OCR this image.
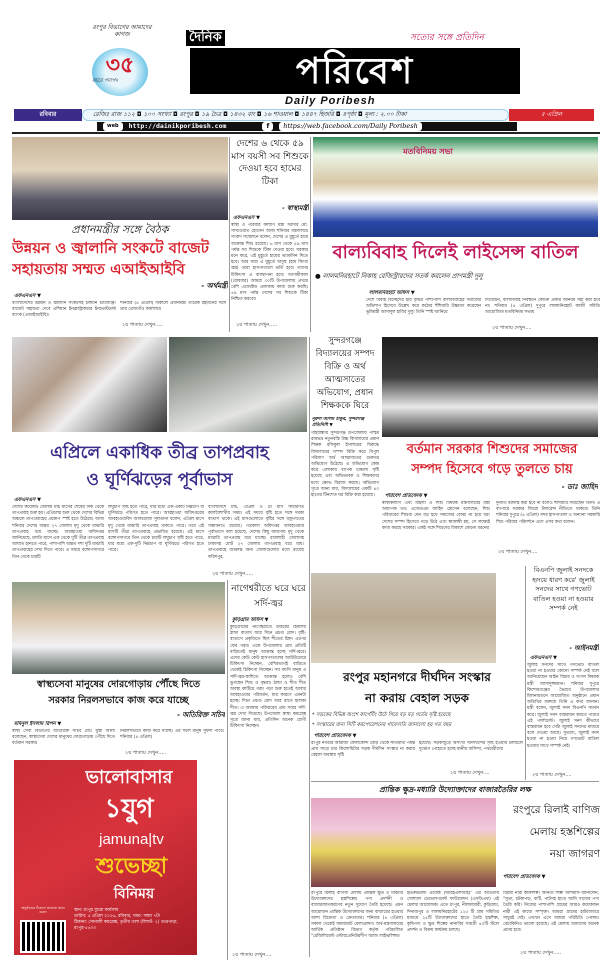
রংপুর বিভাগের আমাদের কাগজ
৩৫
বছরে পদার্পণ
দৈনিক
পরিবেশ
Daily Poribesh
সত্যের সঙ্গে প্রতিদিন
রবিবার	রেজিঃ রাজ ১১২ ◘ ১০০ সংখ্যা ◘ রংপুর ◘ ১৯ চৈত্র ◘ ১৪৩২ বাং ◘ ১৬ শাওয়াল ◘ ১৪৪৭ হিজরি ◘ ৪পৃষ্ঠা ◘ মূল্য : ২.০০ টাকা	৫ এপ্রিল
web	http://dainikporibesh.com	f	https://web.facebook.com/Daily Poribesh
প্রধানমন্ত্রীর সঙ্গে বৈঠক
উন্নয়ন ও জ্বালানি সংকটে বাজেট
সহায়তায় সম্মত এআইআইবি
- অর্থমন্ত্রী
এফএনএস ▼
বাংলাদেশের উন্নয়ন ও জ্বালানি সংকটসহ চলমান চ্যালেঞ্জিং বাজেট সহায়তা দেবে এশিয়ান ইনফ্রাস্ট্রাকচার ইনভেস্টমেন্ট ব্যাংক (এআইআইবি)।
শনিবার (৪ এপ্রিল) বিকালে প্রধানমন্ত্রী তারেক রহমানের সঙ্গে তার তেজগাঁও কার্যালয়ে
২য় পাতায় দেখুন.....
দেশের ৬ থেকে ৫৯ মাস বয়সী সব শিশুকে দেওয়া হবে হামের টিকা
- স্বাস্থ্যমন্ত্রী
এফএনএস ▼
স্বাস্থ্য ও পরিবার কল্যাণ মন্ত্রী সরদার মো. সাখাওয়াত হোসেন আজ শনিবার মন্ত্রণালয়ে সংবাদ সম্মেলনে বলেন, দেশের এ মুহূর্তে হামে আক্রান্ত শিশু রয়েছে। ৬ মাস থেকে ৫৯ মাস পর্যন্ত সব শিশুকে টিকা দেওয়া হবে। সরকার মনে করে, এই মুহূর্তে হামের ভ্যাকসিন দিতে হবে। আর যারা এ মুহূর্তে অসুস্থ (হাম কিংবা জ্বর) তারা হাসপাতালে ভর্তি হবে। তাদের চিকিৎসা এ ব্যবস্থাপনা হবে। আগামীকাল (রোববার) আমরা ৩০টি উপজেলায় প্রথমে বেশি এফেক্টেড এলাকায় কাজ শুরু করছি। ৫৯ মাস পর্যন্ত দেশের সব শিশুকে টিকা নিশ্চিত করবো।
২য় পাতায় দেখুন.....
মতবিনিময় সভা
বাল্যবিবাহ দিলেই লাইসেন্স বাতিল
● লালমনিরহাটে নিকাহ রেজিস্ট্রারদের সতর্ক করলেন প্রাণমন্ত্রী দুলু
লালমনিরহাট অফিস ▼
দেশে বিবাহ বিচ্ছেদের হার বৃদ্ধির পাশাপাশি বাল্যবিবাহের সমাজের অভিশাপ হিসেবে উল্লেখ করে কঠোর হুঁশিয়ারি উচ্চারণ করেছেন ভূমিমন্ত্রী আসাদুল হাবিব দুলু। তিনি স্পষ্ট জানিয়ে
দিয়েছেন, বাল্যবিবাহ নিবন্ধনে কোনো প্রকার অনিয়ম সহ্য করা হবে না। শনিবার (৪ এপ্রিল) দুপুরে লালমনিরহাট কাজী সমিতি আয়োজিত মতবিনিময় সভায়
২য় পাতায় দেখুন....
সুন্দরগঞ্জে বিদ্যালয়ের সম্পদ বিক্রি ও অর্থ আত্মসাতের অভিযোগ, প্রধান শিক্ষককে ঘিরে
নুরুল আলম ঠাকুর, সুন্দরগঞ্জ প্রতিনিধি ▼
গাইবান্ধার সুন্দরগঞ্জ উপজেলার পশ্চিম রামভদ্র নতুনবস্তি উচ্চ বিদ্যালয়ের প্রধান শিক্ষক রফিকুল ইসলামের বিরুদ্ধে বিদ্যালয়ের সম্পদ বিক্রি করে বিপুল পরিমাণ অর্থ আত্মসাতের গুরুতর অভিযোগ উঠেছে। এ অভিযোগ কেন্দ্র করে এলাকায় ব্যাপক চাঞ্চল্য সৃষ্টি হয়েছে এবং অভিভাবক ও শিক্ষকদের মধ্যে ক্ষোভ বিরাজ করছে। অভিযোগ সূত্রে জানা যায়, বিদ্যালয়ের একটি ৪০ হাতের টিনশেড ঘর বিক্রি করা হয়েছে।
বর্তমান সরকার শিশুদের সমাজের
সম্পদ হিসেবে গড়ে তুলতে চায়
- ডাঃ জাহিদ
পরিবেশ প্রতিবেদক ▼
স্বাস্থ্যকল্যাণ এবং মহিলা ও শিশু বিষয়ক মন্ত্রণালয়ের মন্ত্রী অধ্যাপক ডাঃ এজেডএম জাহিদ হোসেন বলেছেন, শিশু পরিবারের শিশুরা যেন বড় হয়ে সমাজের বোঝা না হয়ে বরং দেশের সম্পদ হিসেবে গড়ে উঠে এবং স্বাবলম্বী হয়, সে লক্ষ্যেই কাজ করছে সরকার। একই সঙ্গে শিশুদের বিকাশে কোনো ধরনের
দুর্নীতি বরদাস্ত করা হবে না বলেও হুঁশিয়ারি দিয়েছেন তিনি। এ ব্যাপারে সরকার জিরো টলারেন্স নীতিতে থাকবে। তিনি শনিবার দুপুরে (৪ এপ্রিল) সদর হাসপাতাল ও অন্যান্য সরকারি শিশু পরিবার পরিদর্শনে এসে এসব কথা বলেন।
২য় পাতায় দেখুন....
এপ্রিলে একাধিক তীব্র তাপপ্রবাহ
ও ঘূর্ণিঝড়ের পূর্বাভাস
এফএনএস ▼
দেশের কয়েকটি জেলায় মার্চ মাসের শেষের দিক থেকে তাপপ্রবাহ শুরু হয়। এপ্রিলের শুরু থেকে দেশের বিভিন্ন অঞ্চলে তাপপ্রবাহের প্রকোপ স্পষ্ট হতে উঠেছে। আজ শনিবার দেশের অন্তত ২৭ জেলায় মৃদু থেকে মাঝারি তাপপ্রবাহ বয়ে যাচ্ছে। আবহাওয়া অধিদপ্তর জানিয়েছে, চলতি মাসে এক থেকে দুটি তীব্র তাপপ্রবাহ আঘাত হানতে পারে, পাশাপাশি অন্তত দশা দুটি মাঝারি তাপপ্রবাহের দেখা দিতে পারে। এ সময়ে বঙ্গোপসাগরে তিন থেকে চারটি
লঘুচাপ সৃষ্টি হতে পারে, যার মধ্যে এক-একটি নিম্নচাপ বা ঘূর্ণিঝড়ে পরিণত হতে পারে। আবহাওয়া অধিদপ্তরের আবহাওয়াবিদ আফরোজা সুলতানা বলেন, এপ্রিল মাসে মৃদু থেকে মাঝারি তাপপ্রবাহ থাকতে পারে। তবে এই মাসটি তীব্র তাপপ্রবাহে প্রভাবিত হয়েছে। এই মাসে বঙ্গোপসাগরে তিন থেকে চারটি লঘুচাপ সৃষ্টি হতে পারে, যার মধ্যে এক-দুটি নিম্নচাপ বা ঘূর্ণিঝড়ে পরিণত হতে পারে।
বাংলাদেশে মার্চ, এপ্রিল ও মে মাস সাধারণত কালবৈশাখীর সময়। এই সময়ে বৃষ্টি হতে সঙ্গে দমকা বাতাস থাকে। এই মাসগুলোতে বৃষ্টির সঙ্গে বজ্রপাতের সম্ভাবনাও রয়েছে। গতকাল অধিদপ্তর আবহাওয়ার পূর্বাভাসে বলা হয়েছে, দেশের কিছু জায়গায় মৃদু থেকে মাঝারি তাপপ্রবাহ বয়ে যাচ্ছে। রাজশাহী জেলাসহ ঢাকাসহ মোট ২৭ জেলায় তাপপ্রবাহ বয়ে যায়। তাপপ্রবাহে আক্রান্ত অন্য জেলাগুলোর মধ্যে রয়েছে ফরিদপুর,
২য় পাতায় দেখুন.....
স্বাস্থ্যসেবা মানুষের দোরগোড়ায় পৌঁছে দিতে
সরকার নিরলসভাবে কাজ করে যাচ্ছে
- অতিরিক্ত সচিব
মমিনুল ইসলাম রিপন ▼
স্বাস্থ্য সেবা বিভাগের অতিরিক্ত সচিব মোঃ মুস্তা আলী বলেছেন, স্বাস্থ্যসেবা দেশের মানুষের দোরগোড়ায় পৌঁছে দিতে বর্তমান সরকার
নিরলসভাবে কাজ করে যাচ্ছে। এর ফলে মানুষ সুফল পাবে। শনিবার (৪ এপ্রিল)
২য় পাতায় দেখুন.....
নাগেশ্বরীতে ঘরে ঘরে সর্দি-জ্বর
কুড়িগ্রাম অফিস ▼
কুড়িগ্রামের নাগেশ্বরীতে উত্তরের হিমালয় ঠান্ডা বাতাস আর দিনে প্রচণ্ড রোদ। বৃষ্টি-বাতাসে প্রকৃতিতে ছিল শীতের চিহ্ন। এরপর ফের গরম। একে উপজেলার প্রায় প্রতিটি বাড়িতেই মানুষ আক্রান্ত হচ্ছে সর্দি-জ্বরে। এদের কেউ কেউ হাসপাতালের আউটডোরে চিকিৎসা নিচ্ছেন, বেশিরভাগই বাড়িতে থেকেই চিকিৎসা নিচ্ছেন। সব বয়সি মানুষ এ সর্দি-জ্বর-কাশিতে আক্রান্ত হলেও বেশি ভুগছেন শিশু ও বৃদ্ধরা। ঠান্ডা ও শীত শীত অবস্থা কাটিয়ে গরম পড়া শুরু হতেই আবার আবহাওয়ার পরিবর্তন, যার কারণে এমনটা হচ্ছে। দিনে প্রচণ্ড রোদ আর রাতে হালকা শীত। এ অবস্থায় পরিবারের প্রায় সবার সর্দি-জ্বর দেখা দিয়েছে। উপজেলা স্বাস্থ্য কমপ্লেক্স সূত্রে জানা যায়, প্রতিদিন অনেক রোগী চিকিৎসা নিচ্ছেন।
২য় পাতায় দেখুন....
রংপুর মহানগরে দীর্ঘদিন সংস্কার
না করায় বেহাল সড়ক
* সড়কের বিভিন্ন অংশে কার্পেটিং উঠে গিয়ে বড় বড় গর্তের সৃষ্টি হয়েছে
* সংস্কারের জন্য সিটি করপোরেশনের গাফেলতি জানালো হয় গত বছর
পরিবেশ প্রতিবেদক ▼
রংপুর নগরীর আরাজী কোলকোন্দ মোড় থেকে সাতমাথা পর্যন্ত প্রায় সাড়ে চার কিলোমিটার সড়ক দীর্ঘদিন সংস্কার না করায় বেহাল অবস্থায় সৃষ্টি
হয়েছে। সড়কজুড়ে অসংখ্য খানাখন্দের সৃষ্টি হওয়ায় চলাচলে দুর্ভোগ পোহাতে হচ্ছে স্থানীয় বাসিন্দা, পথচারীদের
২য় পাতায় দেখুন....
বিএনপি জুলাই সনদকে হৃদয়ে ধারণ করে' জুলাই সনদের সাথে গণভোট বাতিল হওয়া না হওয়ার সম্পর্ক নেই
- আইনমন্ত্রী
এফএনএস ▼
জুলাই সনদের সাথে গণভোট বাতিল হওয়া না হওয়ার কোনো সম্পর্ক নেই বলে জানিয়েছেন আইন বিচার ও সংসদ বিষয়ক মন্ত্রী আসাদুজ্জামান। শনিবার দুপুরে কিশোরগঞ্জের ভৈরবে উপজেলার মিলনায়তনে আয়োজিত অনুষ্ঠানে প্রধান অতিথির বক্তব্যে তিনি এ কথা জানান। মন্ত্রী বলেন, জুলাই সনদ বিএনপি সমর্থন করে। জুলাই সনদ বাস্তবায়ন করতে পারবে এই পার্লামেন্ট। জুলাই সনদ কীভাবে বাস্তবায়ন হবে সেটা জুলাই সনদের মাধ্যমে বলে দেওয়া আছে। সুতরাং, জুলাই সনদ হওয়া না হওয়া নিয়ে গণভোট বাতিল হওয়ার সাথে সম্পর্ক নেই।
২য় পাতায় দেখুন....
প্রান্তিক ক্ষুদ্র-মধ্যারি উদ্যোক্তাদের বাজারতৈরির লক্ষ
রংপুরে রিলাই বাণিজ
মেলায় হস্তশিল্পের
নয়া জাগরণ
পরিবেশ প্রতিবেদক ▼
রংপুরে রিলাই বাণিজ মেলায় প্রান্তিক ক্ষুদ্র ও মাঝারি উদ্যোক্তাদের হস্তশিল্পের পণ্য প্রদর্শনী ও বাজারজাতকরণের নতুন সুযোগ তৈরি হয়েছে। এমন আয়োজন প্রান্তিক উদ্যোক্তাদের জন্য বাজারের হওয়ার আশা বিক্রেতা ও ক্রেতাদের। শনিবার (৪ এপ্রিল) সকাল থেকেই জমজমাট মেলাপ্রাঙ্গণ। অর্থ-মন্ত্রণালয়ের আর্থিক প্রতিষ্ঠান বিভাগ কর্তৃক পরিচালিত "রেজিলিয়েন্ট এন্টারপ্রেনিউরশীপ অ্যান্ড লাইভলিহুড
ইমপ্রুভমেন্ট প্রজেক্ট (আরইএলআই)" এর আওতায় সোশ্যাল ডেভেলপমেন্ট ফাউন্ডেশন (এসডিএফ) এই মেলার আয়োজক। এতে রংপুর, নীলফামারী, কুড়িগ্রাম, দিনাজপুর ও লালমনিরহাটের ১২৫ টি গ্রাম সমিতির মাধ্যমে ২৫টি উদ্যোক্তাদের হাতে তৈরি হস্তশিল্প, কৃষিপণ্য ও ক্ষুদ্র শিল্পের নানাবিধ সামগ্রী ৪০টি স্টলে প্রদর্শন ও বিক্রয় কার্যক্রম চলছে।
বিপ্লবী নারী কারুশিল্প। অনিতা শিল্পী আশরাফ জানালেন, "সুতা, চটকাপড়, বাটি, পাটসহ হাতে আমি খাদ্যের পণ্য তৈরি করি। নিজের পাশাপাশি গ্রামের আরও কয়েকজন নারী এই কাজে সম্পৃক্ত। আমরা গ্রামের হাটবাজারে সাধুরই দেই। এখানে এসে আমরা পরিচিতি পেলাম। বেচাকিনিও ভালো হয়েছে। এই মেলায় আমাদের অনেক প্রচার হবে।
২য় পাতায় দেখুন.....
ভালোবাসার
১যুগ
jamuna|tv
শুভেচ্ছা
বিনিময়
অনুষ্ঠানের ঠিকানা জানতে স্ক্যান করুন	স্থান: রংপুর ব্যুরো কার্যালয়
তারিখ: ৫ এপ্রিল ২০২৬, রবিবার, সময়: সন্ধ্যা ৭টা
ঠিকানা: সোনালী কমপ্লেক্স, তৃতীয় তলা (লিফট- ২) গুপ্তপাড়া, রংপুর-৫৪০০
